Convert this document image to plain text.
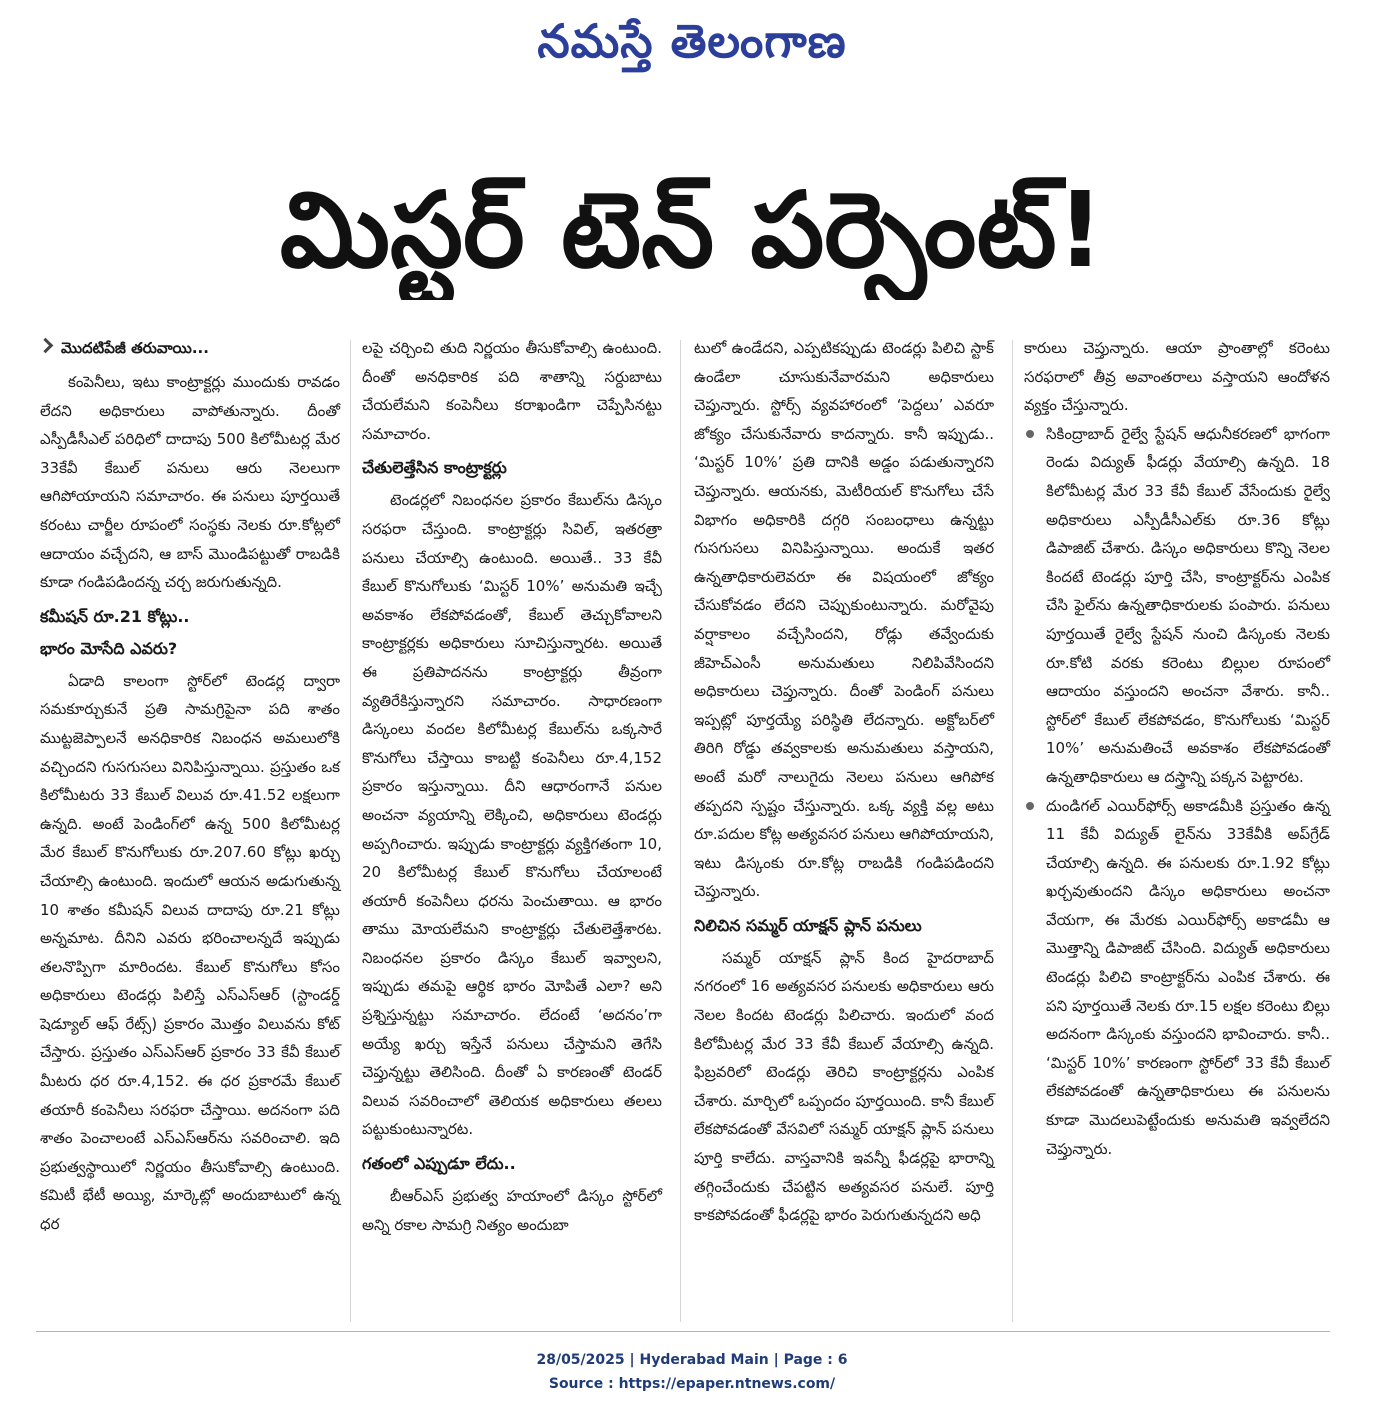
నమస్తే తెలంగాణ
మిస్టర్ టెన్ పర్సెంట్!
మొదటిపేజీ తరువాయి...

కంపెనీలు, ఇటు కాంట్రాక్టర్లు ముందుకు రావడం లేదని అధికారులు వాపోతున్నారు. దీంతో ఎస్పీడీసీఎల్ పరిధిలో దాదాపు 500 కిలోమీటర్ల మేర 33కేవీ కేబుల్ పనులు ఆరు నెలలుగా ఆగిపోయాయని సమాచారం. ఈ పనులు పూర్తయితే కరంటు చార్జీల రూపంలో సంస్థకు నెలకు రూ.కోట్లలో ఆదాయం వచ్చేదని, ఆ బాస్ మొండిపట్టుతో రాబడికి కూడా గండిపడిందన్న చర్చ జరుగుతున్నది.

కమీషన్ రూ.21 కోట్లు..
భారం మోసేది ఎవరు?

ఏడాది కాలంగా స్టోర్‌లో టెండర్ల ద్వారా సమకూర్చుకునే ప్రతి సామగ్రిపైనా పది శాతం ముట్టజెప్పాలనే అనధికారిక నిబంధన అమలులోకి వచ్చిందని గుసగుసలు వినిపిస్తున్నాయి. ప్రస్తుతం ఒక కిలోమీటరు 33 కేబుల్ విలువ రూ.41.52 లక్షలుగా ఉన్నది. అంటే పెండింగ్‌లో ఉన్న 500 కిలోమీటర్ల మేర కేబుల్ కొనుగోలుకు రూ.207.60 కోట్లు ఖర్చు చేయాల్సి ఉంటుంది. ఇందులో ఆయన అడుగుతున్న 10 శాతం కమీషన్ విలువ దాదాపు రూ.21 కోట్లు అన్నమాట. దీనిని ఎవరు భరించాలన్నదే ఇప్పుడు తలనొప్పిగా మారిందట. కేబుల్ కొనుగోలు కోసం అధికారులు టెండర్లు పిలిస్తే ఎస్ఎస్ఆర్ (స్టాండర్డ్ షెడ్యూల్ ఆఫ్ రేట్స్) ప్రకారం మొత్తం విలువను కోట్ చేస్తారు. ప్రస్తుతం ఎస్ఎస్ఆర్ ప్రకారం 33 కేవీ కేబుల్ మీటరు ధర రూ.4,152. ఈ ధర ప్రకారమే కేబుల్ తయారీ కంపెనీలు సరఫరా చేస్తాయి. అదనంగా పది శాతం పెంచాలంటే ఎస్ఎస్ఆర్‌ను సవరించాలి. ఇది ప్రభుత్వస్థాయిలో నిర్ణయం తీసుకోవాల్సి ఉంటుంది. కమిటీ భేటీ అయ్యి, మార్కెట్లో అందుబాటులో ఉన్న ధర

లపై చర్చించి తుది నిర్ణయం తీసుకోవాల్సి ఉంటుంది. దీంతో అనధికారిక పది శాతాన్ని సర్దుబాటు చేయలేమని కంపెనీలు కరాఖండిగా చెప్పేసినట్టు సమాచారం.

చేతులెత్తేసిన కాంట్రాక్టర్లు

టెండర్లలో నిబంధనల ప్రకారం కేబుల్‌ను డిస్కం సరఫరా చేస్తుంది. కాంట్రాక్టర్లు సివిల్, ఇతరత్రా పనులు చేయాల్సి ఉంటుంది. అయితే.. 33 కేవీ కేబుల్ కొనుగోలుకు ‘మిస్టర్ 10%’ అనుమతి ఇచ్చే అవకాశం లేకపోవడంతో, కేబుల్ తెచ్చుకోవాలని కాంట్రాక్టర్లకు అధికారులు సూచిస్తున్నారట. అయితే ఈ ప్రతిపాదనను కాంట్రాక్టర్లు తీవ్రంగా వ్యతిరేకిస్తున్నారని సమాచారం. సాధారణంగా డిస్కంలు వందల కిలోమీటర్ల కేబుల్‌ను ఒక్కసారే కొనుగోలు చేస్తాయి కాబట్టి కంపెనీలు రూ.4,152 ప్రకారం ఇస్తున్నాయి. దీని ఆధారంగానే పనుల అంచనా వ్యయాన్ని లెక్కించి, అధికారులు టెండర్లు అప్పగించారు. ఇప్పుడు కాంట్రాక్టర్లు వ్యక్తిగతంగా 10, 20 కిలోమీటర్ల కేబుల్ కొనుగోలు చేయాలంటే తయారీ కంపెనీలు ధరను పెంచుతాయి. ఆ భారం తాము మోయలేమని కాంట్రాక్టర్లు చేతులెత్తేశారట. నిబంధనల ప్రకారం డిస్కం కేబుల్ ఇవ్వాలని, ఇప్పుడు తమపై ఆర్థిక భారం మోపితే ఎలా? అని ప్రశ్నిస్తున్నట్టు సమాచారం. లేదంటే ‘అదనం’గా అయ్యే ఖర్చు ఇస్తేనే పనులు చేస్తామని తెగేసి చెప్తున్నట్టు తెలిసింది. దీంతో ఏ కారణంతో టెండర్ విలువ సవరించాలో తెలియక అధికారులు తలలు పట్టుకుంటున్నారట.

గతంలో ఎప్పుడూ లేదు..

బీఆర్ఎస్ ప్రభుత్వ హయాంలో డిస్కం స్టోర్‌లో అన్ని రకాల సామగ్రి నిత్యం అందుబా

టులో ఉండేదని, ఎప్పటికప్పుడు టెండర్లు పిలిచి స్టాక్ ఉండేలా చూసుకునేవారమని అధికారులు చెప్తున్నారు. స్టోర్స్ వ్యవహారంలో ‘పెద్దలు’ ఎవరూ జోక్యం చేసుకునేవారు కాదన్నారు. కానీ ఇప్పుడు.. ‘మిస్టర్ 10%’ ప్రతి దానికి అడ్డం పడుతున్నారని చెప్తున్నారు. ఆయనకు, మెటీరియల్ కొనుగోలు చేసే విభాగం అధికారికి దగ్గరి సంబంధాలు ఉన్నట్టు గుసగుసలు వినిపిస్తున్నాయి. అందుకే ఇతర ఉన్నతాధికారులెవరూ ఈ విషయంలో జోక్యం చేసుకోవడం లేదని చెప్పుకుంటున్నారు. మరోవైపు వర్షాకాలం వచ్చేసిందని, రోడ్లు తవ్వేందుకు జీహెచ్ఎంసీ అనుమతులు నిలిపివేసిందని అధికారులు చెప్తున్నారు. దీంతో పెండింగ్ పనులు ఇప్పట్లో పూర్తయ్యే పరిస్థితి లేదన్నారు. అక్టోబర్‌లో తిరిగి రోడ్డు తవ్వకాలకు అనుమతులు వస్తాయని, అంటే మరో నాలుగైదు నెలలు పనులు ఆగిపోక తప్పదని స్పష్టం చేస్తున్నారు. ఒక్క వ్యక్తి వల్ల అటు రూ.పదుల కోట్ల అత్యవసర పనులు ఆగిపోయాయని, ఇటు డిస్కంకు రూ.కోట్ల రాబడికి గండిపడిందని చెప్తున్నారు.

నిలిచిన సమ్మర్ యాక్షన్ ప్లాన్ పనులు

సమ్మర్ యాక్షన్ ప్లాన్ కింద హైదరాబాద్ నగరంలో 16 అత్యవసర పనులకు అధికారులు ఆరు నెలల కిందట టెండర్లు పిలిచారు. ఇందులో వంద కిలోమీటర్ల మేర 33 కేవీ కేబుల్ వేయాల్సి ఉన్నది. ఫిబ్రవరిలో టెండర్లు తెరిచి కాంట్రాక్టర్లను ఎంపిక చేశారు. మార్చిలో ఒప్పందం పూర్తయింది. కానీ కేబుల్ లేకపోవడంతో వేసవిలో సమ్మర్ యాక్షన్ ప్లాన్ పనులు పూర్తి కాలేదు. వాస్తవానికి ఇవన్నీ ఫీడర్లపై భారాన్ని తగ్గించేందుకు చేపట్టిన అత్యవసర పనులే. పూర్తి కాకపోవడంతో ఫీడర్లపై భారం పెరుగుతున్నదని అధి

కారులు చెప్తున్నారు. ఆయా ప్రాంతాల్లో కరెంటు సరఫరాలో తీవ్ర అవాంతరాలు వస్తాయని ఆందోళన వ్యక్తం చేస్తున్నారు.

సికింద్రాబాద్ రైల్వే స్టేషన్ ఆధునీకరణలో భాగంగా రెండు విద్యుత్ ఫీడర్లు వేయాల్సి ఉన్నది. 18 కిలోమీటర్ల మేర 33 కేవీ కేబుల్ వేసేందుకు రైల్వే అధికారులు ఎస్పీడీసీఎల్‌కు రూ.36 కోట్లు డిపాజిట్ చేశారు. డిస్కం అధికారులు కొన్ని నెలల కిందటే టెండర్లు పూర్తి చేసి, కాంట్రాక్టర్‌ను ఎంపిక చేసి ఫైల్‌ను ఉన్నతాధికారులకు పంపారు. పనులు పూర్తయితే రైల్వే స్టేషన్ నుంచి డిస్కంకు నెలకు రూ.కోటి వరకు కరెంటు బిల్లుల రూపంలో ఆదాయం వస్తుందని అంచనా వేశారు. కానీ.. స్టోర్‌లో కేబుల్ లేకపోవడం, కొనుగోలుకు ‘మిస్టర్ 10%’ అనుమతించే అవకాశం లేకపోవడంతో ఉన్నతాధికారులు ఆ దస్త్రాన్ని పక్కన పెట్టారట.

దుండిగల్ ఎయిర్‌ఫోర్స్ అకాడమీకి ప్రస్తుతం ఉన్న 11 కేవీ విద్యుత్ లైన్‌ను 33కేవీకి అప్‌గ్రేడ్ చేయాల్సి ఉన్నది. ఈ పనులకు రూ.1.92 కోట్లు ఖర్చవుతుందని డిస్కం అధికారులు అంచనా వేయగా, ఈ మేరకు ఎయిర్‌ఫోర్స్ అకాడమీ ఆ మొత్తాన్ని డిపాజిట్ చేసింది. విద్యుత్ అధికారులు టెండర్లు పిలిచి కాంట్రాక్టర్‌ను ఎంపిక చేశారు. ఈ పని పూర్తయితే నెలకు రూ.15 లక్షల కరెంటు బిల్లు అదనంగా డిస్కంకు వస్తుందని భావించారు. కానీ.. ‘మిస్టర్ 10%’ కారణంగా స్టోర్‌లో 33 కేవీ కేబుల్ లేకపోవడంతో ఉన్నతాధికారులు ఈ పనులను కూడా మొదలుపెట్టేందుకు అనుమతి ఇవ్వలేదని చెప్తున్నారు.

28/05/2025 | Hyderabad Main | Page : 6
Source : https://epaper.ntnews.com/
